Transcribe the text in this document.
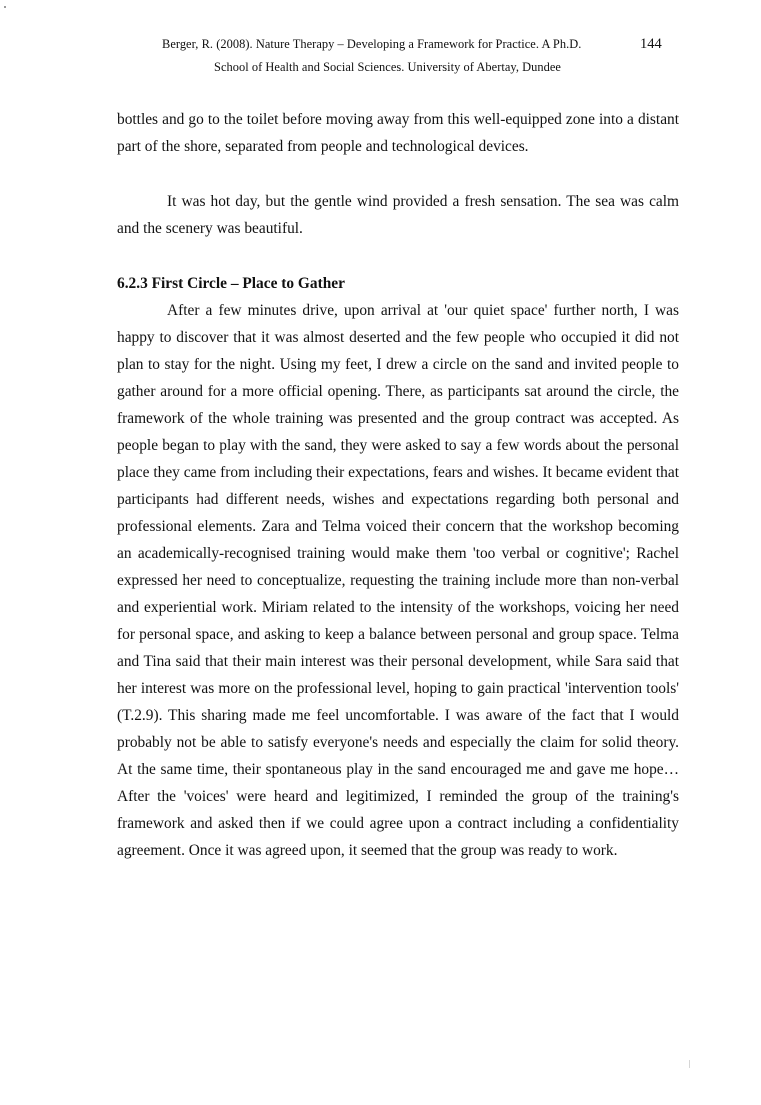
Berger, R. (2008). Nature Therapy – Developing a Framework for Practice. A Ph.D.	144
School of Health and Social Sciences. University of Abertay, Dundee

bottles and go to the toilet before moving away from this well-equipped zone into a distant part of the shore, separated from people and technological devices.

It was hot day, but the gentle wind provided a fresh sensation. The sea was calm and the scenery was beautiful.

6.2.3 First Circle – Place to Gather

After a few minutes drive, upon arrival at 'our quiet space' further north, I was happy to discover that it was almost deserted and the few people who occupied it did not plan to stay for the night. Using my feet, I drew a circle on the sand and invited people to gather around for a more official opening. There, as participants sat around the circle, the framework of the whole training was presented and the group contract was accepted. As people began to play with the sand, they were asked to say a few words about the personal place they came from including their expectations, fears and wishes. It became evident that participants had different needs, wishes and expectations regarding both personal and professional elements. Zara and Telma voiced their concern that the workshop becoming an academically-recognised training would make them 'too verbal or cognitive'; Rachel expressed her need to conceptualize, requesting the training include more than non-verbal and experiential work. Miriam related to the intensity of the workshops, voicing her need for personal space, and asking to keep a balance between personal and group space. Telma and Tina said that their main interest was their personal development, while Sara said that her interest was more on the professional level, hoping to gain practical 'intervention tools' (T.2.9). This sharing made me feel uncomfortable. I was aware of the fact that I would probably not be able to satisfy everyone's needs and especially the claim for solid theory. At the same time, their spontaneous play in the sand encouraged me and gave me hope… After the 'voices' were heard and legitimized, I reminded the group of the training's framework and asked then if we could agree upon a contract including a confidentiality agreement. Once it was agreed upon, it seemed that the group was ready to work.
